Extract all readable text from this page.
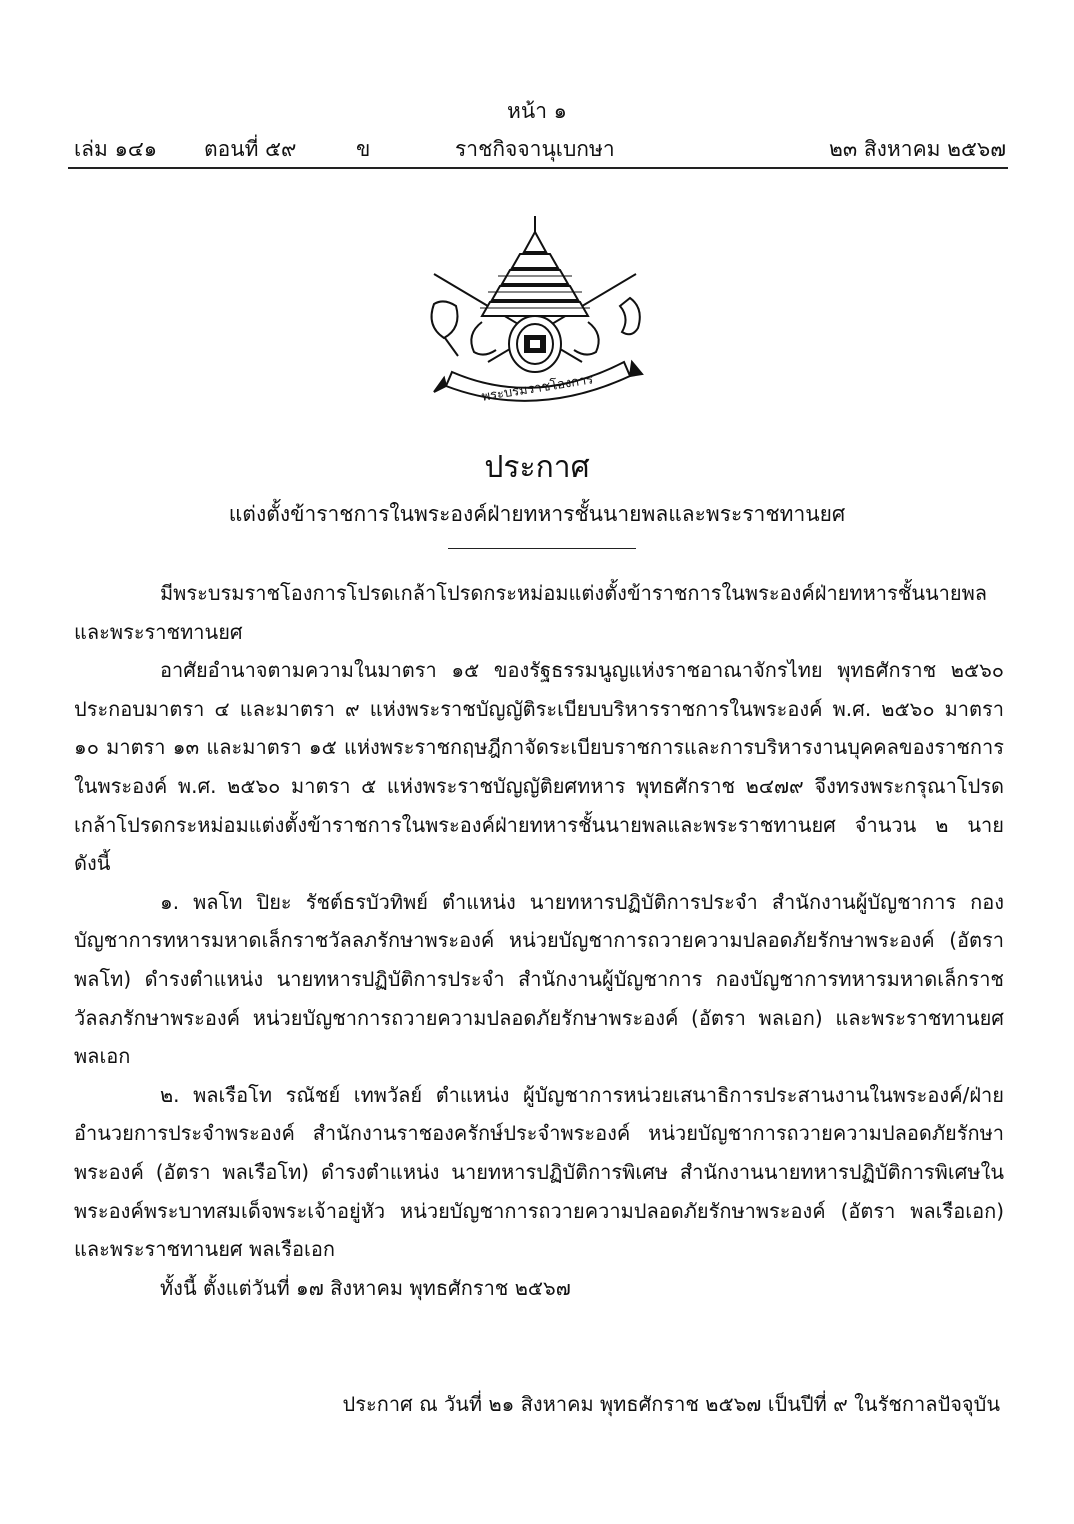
หน้า ๑
เล่ม ๑๔๑ ตอนที่ ๕๙	ข	ราชกิจจานุเบกษา	๒๓ สิงหาคม ๒๕๖๗
พระบรมราชโองการ
ประกาศ
แต่งตั้งข้าราชการในพระองค์ฝ่ายทหารชั้นนายพลและพระราชทานยศ

มีพระบรมราชโองการโปรดเกล้าโปรดกระหม่อมแต่งตั้งข้าราชการในพระองค์ฝ่ายทหารชั้นนายพลและพระราชทานยศ

อาศัยอำนาจตามความในมาตรา ๑๕ ของรัฐธรรมนูญแห่งราชอาณาจักรไทย พุทธศักราช ๒๕๖๐ ประกอบมาตรา ๔ และมาตรา ๙ แห่งพระราชบัญญัติระเบียบบริหารราชการในพระองค์ พ.ศ. ๒๕๖๐ มาตรา ๑๐ มาตรา ๑๓ และมาตรา ๑๕ แห่งพระราชกฤษฎีกาจัดระเบียบราชการและการบริหารงานบุคคลของราชการในพระองค์ พ.ศ. ๒๕๖๐ มาตรา ๕ แห่งพระราชบัญญัติยศทหาร พุทธศักราช ๒๔๗๙ จึงทรงพระกรุณาโปรดเกล้าโปรดกระหม่อมแต่งตั้งข้าราชการในพระองค์ฝ่ายทหารชั้นนายพลและพระราชทานยศ จำนวน ๒ นาย ดังนี้

๑. พลโท ปิยะ รัชต์ธรบัวทิพย์ ตำแหน่ง นายทหารปฏิบัติการประจำ สำนักงานผู้บัญชาการ กองบัญชาการทหารมหาดเล็กราชวัลลภรักษาพระองค์ หน่วยบัญชาการถวายความปลอดภัยรักษาพระองค์ (อัตรา พลโท) ดำรงตำแหน่ง นายทหารปฏิบัติการประจำ สำนักงานผู้บัญชาการ กองบัญชาการทหารมหาดเล็กราชวัลลภรักษาพระองค์ หน่วยบัญชาการถวายความปลอดภัยรักษาพระองค์ (อัตรา พลเอก) และพระราชทานยศ พลเอก

๒. พลเรือโท รณัชย์ เทพวัลย์ ตำแหน่ง ผู้บัญชาการหน่วยเสนาธิการประสานงานในพระองค์/ฝ่ายอำนวยการประจำพระองค์ สำนักงานราชองครักษ์ประจำพระองค์ หน่วยบัญชาการถวายความปลอดภัยรักษาพระองค์ (อัตรา พลเรือโท) ดำรงตำแหน่ง นายทหารปฏิบัติการพิเศษ สำนักงานนายทหารปฏิบัติการพิเศษในพระองค์พระบาทสมเด็จพระเจ้าอยู่หัว หน่วยบัญชาการถวายความปลอดภัยรักษาพระองค์ (อัตรา พลเรือเอก) และพระราชทานยศ พลเรือเอก

ทั้งนี้ ตั้งแต่วันที่ ๑๗ สิงหาคม พุทธศักราช ๒๕๖๗

ประกาศ ณ วันที่ ๒๑ สิงหาคม พุทธศักราช ๒๕๖๗ เป็นปีที่ ๙ ในรัชกาลปัจจุบัน
